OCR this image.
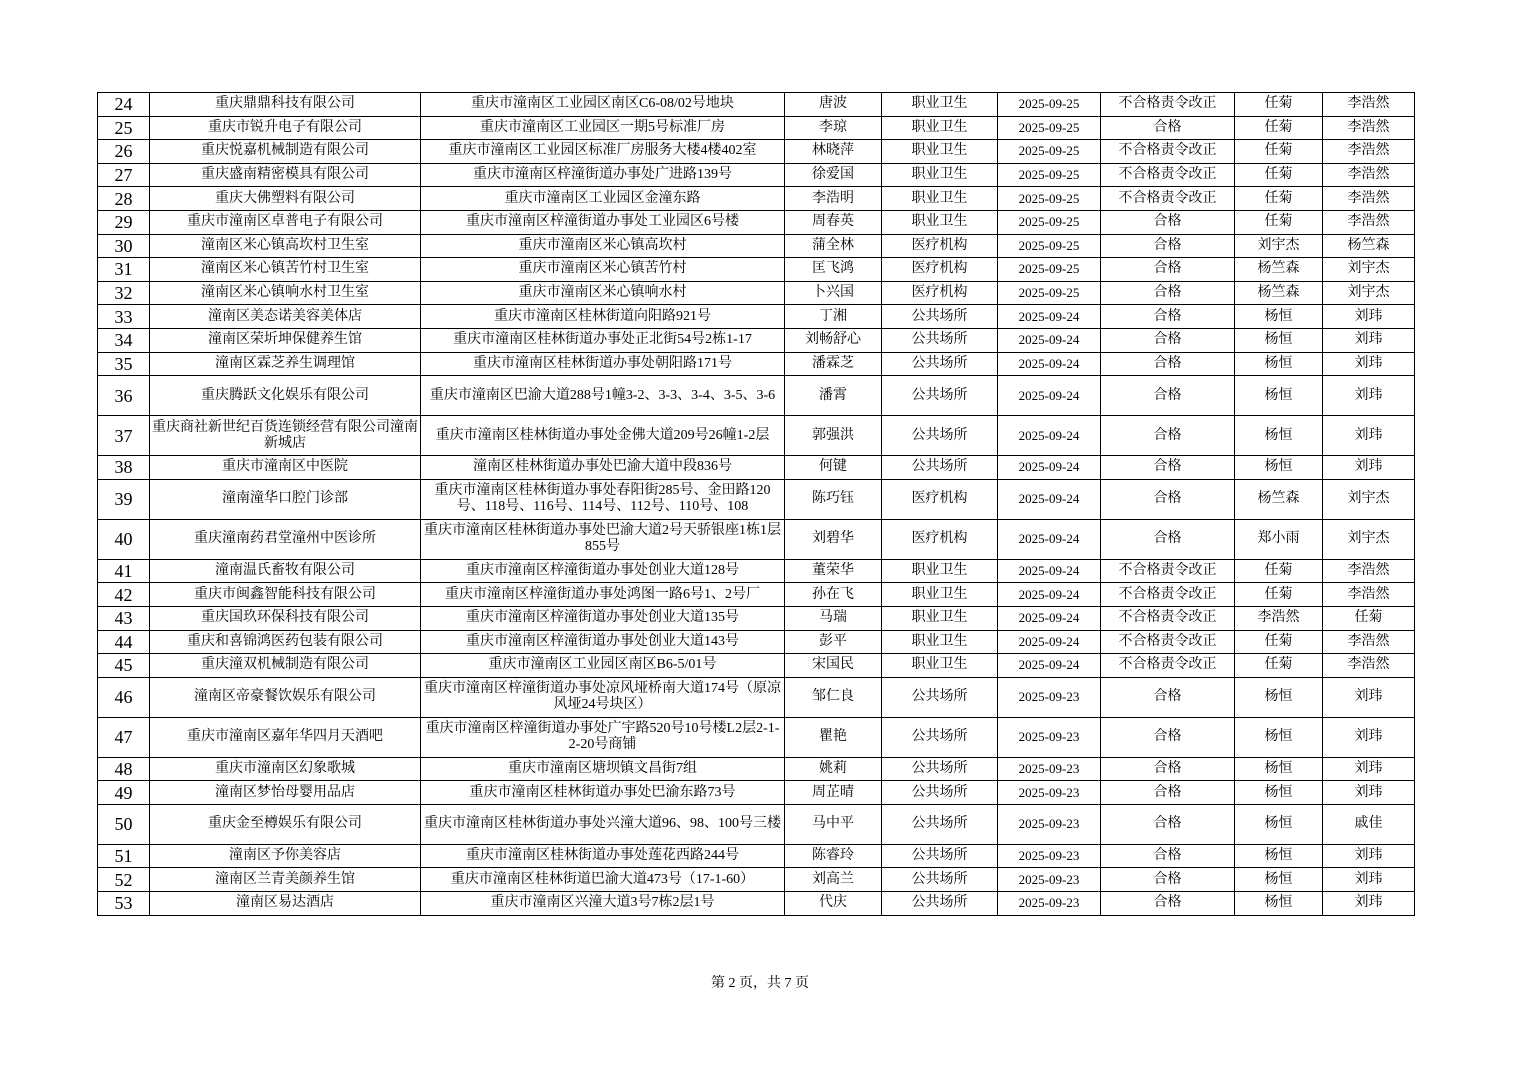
24	重庆鼎鼎科技有限公司	重庆市潼南区工业园区南区C6-08/02号地块	唐波	职业卫生	2025-09-25	不合格责令改正	任菊	李浩然
25	重庆市锐升电子有限公司	重庆市潼南区工业园区一期5号标准厂房	李琼	职业卫生	2025-09-25	合格	任菊	李浩然
26	重庆悦嘉机械制造有限公司	重庆市潼南区工业园区标准厂房服务大楼4楼402室	林晓萍	职业卫生	2025-09-25	不合格责令改正	任菊	李浩然
27	重庆盛南精密模具有限公司	重庆市潼南区梓潼街道办事处广进路139号	徐爱国	职业卫生	2025-09-25	不合格责令改正	任菊	李浩然
28	重庆大佛塑料有限公司	重庆市潼南区工业园区金潼东路	李浩明	职业卫生	2025-09-25	不合格责令改正	任菊	李浩然
29	重庆市潼南区卓普电子有限公司	重庆市潼南区梓潼街道办事处工业园区6号楼	周春英	职业卫生	2025-09-25	合格	任菊	李浩然
30	潼南区米心镇高坎村卫生室	重庆市潼南区米心镇高坎村	蒲全林	医疗机构	2025-09-25	合格	刘宇杰	杨竺森
31	潼南区米心镇苦竹村卫生室	重庆市潼南区米心镇苦竹村	匡飞鸿	医疗机构	2025-09-25	合格	杨竺森	刘宇杰
32	潼南区米心镇响水村卫生室	重庆市潼南区米心镇响水村	卜兴国	医疗机构	2025-09-25	合格	杨竺森	刘宇杰
33	潼南区美态诺美容美体店	重庆市潼南区桂林街道向阳路921号	丁湘	公共场所	2025-09-24	合格	杨恒	刘玮
34	潼南区荣圻坤保健养生馆	重庆市潼南区桂林街道办事处正北街54号2栋1-17	刘畅舒心	公共场所	2025-09-24	合格	杨恒	刘玮
35	潼南区霖芝养生调理馆	重庆市潼南区桂林街道办事处朝阳路171号	潘霖芝	公共场所	2025-09-24	合格	杨恒	刘玮
36	重庆腾跃文化娱乐有限公司	重庆市潼南区巴渝大道288号1幢3-2、3-3、3-4、3-5、3-6	潘霄	公共场所	2025-09-24	合格	杨恒	刘玮
37	重庆商社新世纪百货连锁经营有限公司潼南新城店	重庆市潼南区桂林街道办事处金佛大道209号26幢1-2层	郭强洪	公共场所	2025-09-24	合格	杨恒	刘玮
38	重庆市潼南区中医院	潼南区桂林街道办事处巴渝大道中段836号	何键	公共场所	2025-09-24	合格	杨恒	刘玮
39	潼南潼华口腔门诊部	重庆市潼南区桂林街道办事处春阳街285号、金田路120号、118号、116号、114号、112号、110号、108	陈巧钰	医疗机构	2025-09-24	合格	杨竺森	刘宇杰
40	重庆潼南药君堂潼州中医诊所	重庆市潼南区桂林街道办事处巴渝大道2号天骄银座1栋1层855号	刘碧华	医疗机构	2025-09-24	合格	郑小雨	刘宇杰
41	潼南温氏畜牧有限公司	重庆市潼南区梓潼街道办事处创业大道128号	董荣华	职业卫生	2025-09-24	不合格责令改正	任菊	李浩然
42	重庆市闽鑫智能科技有限公司	重庆市潼南区梓潼街道办事处鸿图一路6号1、2号厂	孙在飞	职业卫生	2025-09-24	不合格责令改正	任菊	李浩然
43	重庆国玖环保科技有限公司	重庆市潼南区梓潼街道办事处创业大道135号	马瑞	职业卫生	2025-09-24	不合格责令改正	李浩然	任菊
44	重庆和喜锦鸿医药包装有限公司	重庆市潼南区梓潼街道办事处创业大道143号	彭平	职业卫生	2025-09-24	不合格责令改正	任菊	李浩然
45	重庆潼双机械制造有限公司	重庆市潼南区工业园区南区B6-5/01号	宋国民	职业卫生	2025-09-24	不合格责令改正	任菊	李浩然
46	潼南区帝豪餐饮娱乐有限公司	重庆市潼南区梓潼街道办事处凉风垭桥南大道174号（原凉风垭24号块区）	邹仁良	公共场所	2025-09-23	合格	杨恒	刘玮
47	重庆市潼南区嘉年华四月天酒吧	重庆市潼南区梓潼街道办事处广宇路520号10号楼L2层2-1-2-20号商铺	瞿艳	公共场所	2025-09-23	合格	杨恒	刘玮
48	重庆市潼南区幻象歌城	重庆市潼南区塘坝镇文昌街7组	姚莉	公共场所	2025-09-23	合格	杨恒	刘玮
49	潼南区梦怡母婴用品店	重庆市潼南区桂林街道办事处巴渝东路73号	周芷晴	公共场所	2025-09-23	合格	杨恒	刘玮
50	重庆金至樽娱乐有限公司	重庆市潼南区桂林街道办事处兴潼大道96、98、100号三楼	马中平	公共场所	2025-09-23	合格	杨恒	戚佳
51	潼南区予你美容店	重庆市潼南区桂林街道办事处莲花西路244号	陈睿玲	公共场所	2025-09-23	合格	杨恒	刘玮
52	潼南区兰青美颜养生馆	重庆市潼南区桂林街道巴渝大道473号（17-1-60）	刘高兰	公共场所	2025-09-23	合格	杨恒	刘玮
53	潼南区易达酒店	重庆市潼南区兴潼大道3号7栋2层1号	代庆	公共场所	2025-09-23	合格	杨恒	刘玮
第 2 页，共 7 页
